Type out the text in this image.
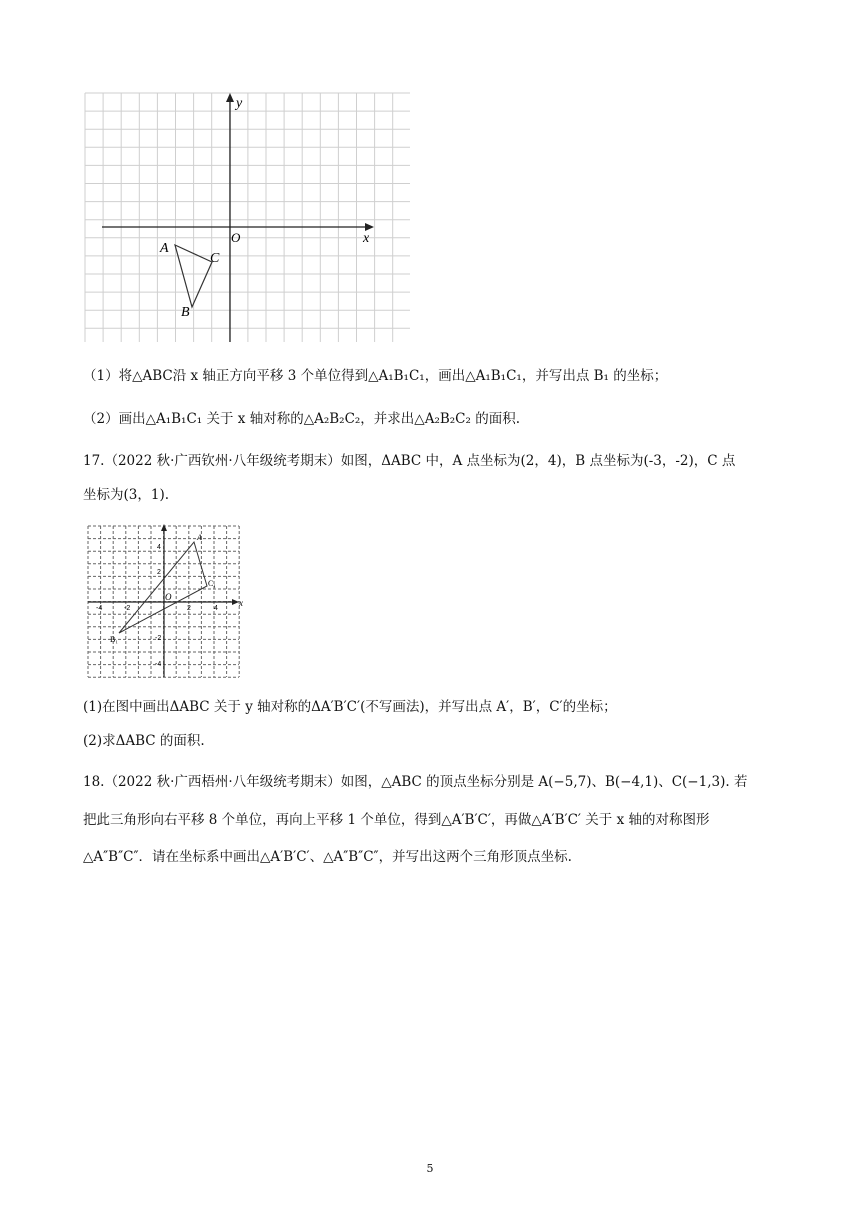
y
x
O
A
B
C
（1）将△ABC沿 x 轴正方向平移 3 个单位得到△A₁B₁C₁，画出△A₁B₁C₁，并写出点 B₁ 的坐标；
（2）画出△A₁B₁C₁ 关于 x 轴对称的△A₂B₂C₂，并求出△A₂B₂C₂ 的面积.
17.（2022 秋·广西钦州·八年级统考期末）如图，ΔABC 中，A 点坐标为(2，4)，B 点坐标为(-3，-2)，C 点
坐标为(3，1).
x
O
A
C₁
B₁
4
2
-2
-4
-4	-2	2	4
(1)在图中画出ΔABC 关于 y 轴对称的ΔA′B′C′(不写画法)，并写出点 A′，B′，C′的坐标；
(2)求ΔABC 的面积.
18.（2022 秋·广西梧州·八年级统考期末）如图，△ABC 的顶点坐标分别是 A(−5,7)、B(−4,1)、C(−1,3). 若
把此三角形向右平移 8 个单位，再向上平移 1 个单位，得到△A′B′C′，再做△A′B′C′ 关于 x 轴的对称图形
△A″B″C″．请在坐标系中画出△A′B′C′、△A″B″C″，并写出这两个三角形顶点坐标.
5
